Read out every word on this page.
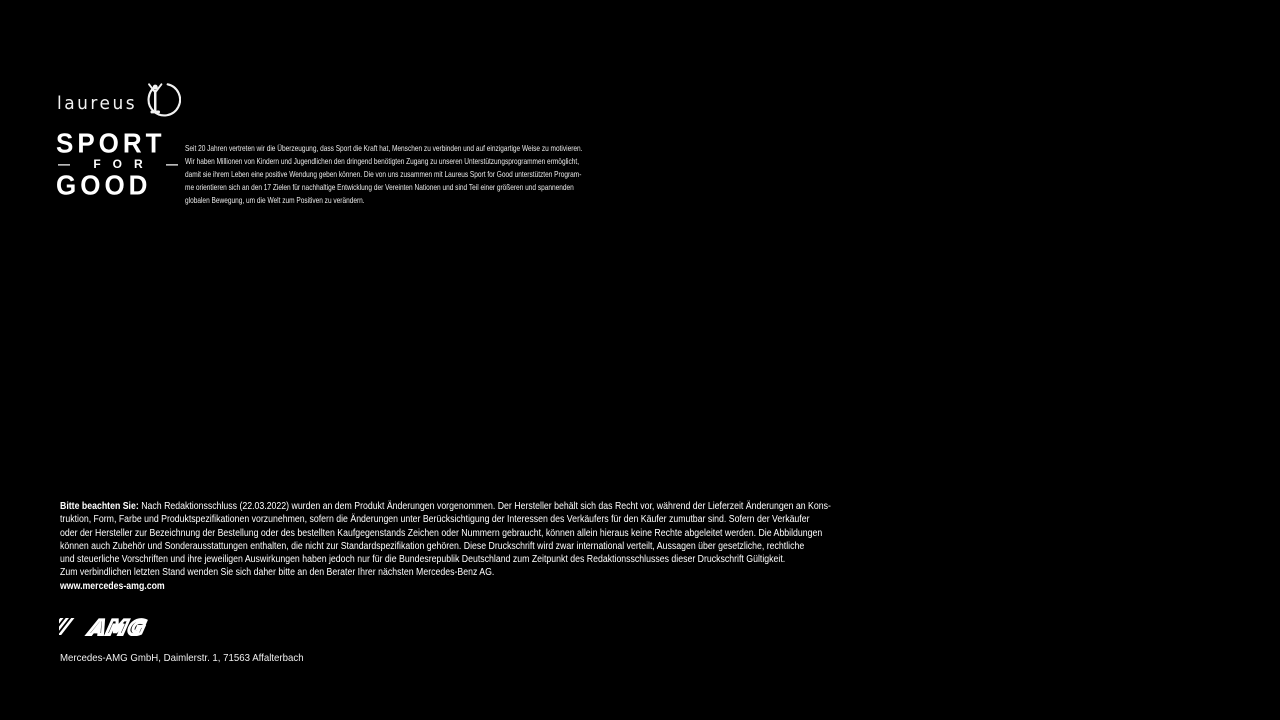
laureus
SPORT
— FOR —
GOOD
Seit 20 Jahren vertreten wir die Überzeugung, dass Sport die Kraft hat, Menschen zu verbinden und auf einzigartige Weise zu motivieren.
Wir haben Millionen von Kindern und Jugendlichen den dringend benötigten Zugang zu unseren Unterstützungsprogrammen ermöglicht,
damit sie ihrem Leben eine positive Wendung geben können. Die von uns zusammen mit Laureus Sport for Good unterstützten Program-
me orientieren sich an den 17 Zielen für nachhaltige Entwicklung der Vereinten Nationen und sind Teil einer größeren und spannenden
globalen Bewegung, um die Welt zum Positiven zu verändern.
Bitte beachten Sie: Nach Redaktionsschluss (22.03.2022) wurden an dem Produkt Änderungen vorgenommen. Der Hersteller behält sich das Recht vor, während der Lieferzeit Änderungen an Kons-
truktion, Form, Farbe und Produktspezifikationen vorzunehmen, sofern die Änderungen unter Berücksichtigung der Interessen des Verkäufers für den Käufer zumutbar sind. Sofern der Verkäufer
oder der Hersteller zur Bezeichnung der Bestellung oder des bestellten Kaufgegenstands Zeichen oder Nummern gebraucht, können allein hieraus keine Rechte abgeleitet werden. Die Abbildungen
können auch Zubehör und Sonderausstattungen enthalten, die nicht zur Standardspezifikation gehören. Diese Druckschrift wird zwar international verteilt, Aussagen über gesetzliche, rechtliche
und steuerliche Vorschriften und ihre jeweiligen Auswirkungen haben jedoch nur für die Bundesrepublik Deutschland zum Zeitpunkt des Redaktionsschlusses dieser Druckschrift Gültigkeit.
Zum verbindlichen letzten Stand wenden Sie sich daher bitte an den Berater Ihrer nächsten Mercedes-Benz AG.
www.mercedes-amg.com
AMG
Mercedes-AMG GmbH, Daimlerstr. 1, 71563 Affalterbach
